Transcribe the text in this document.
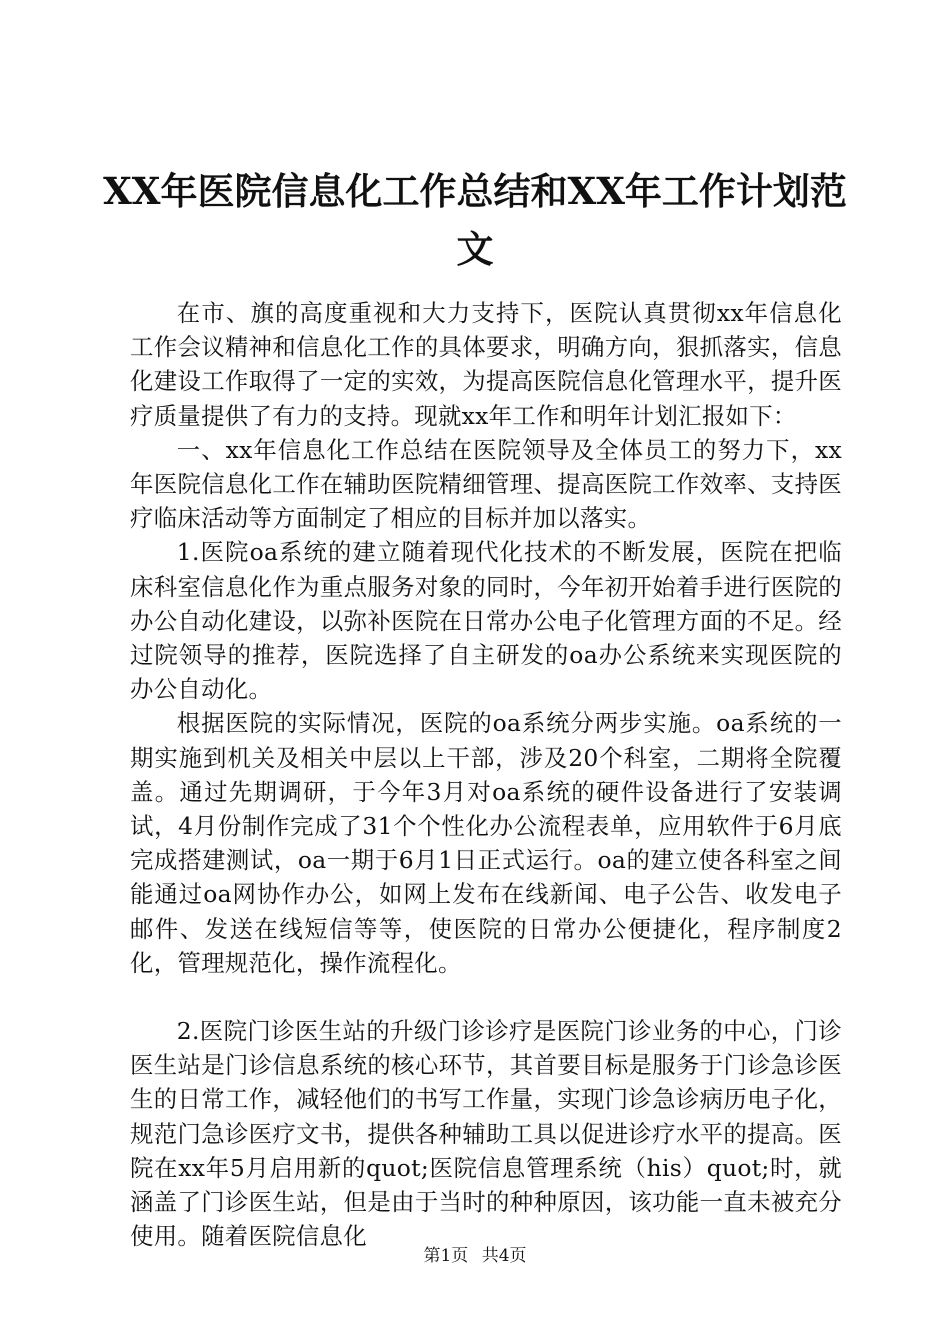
XX年医院信息化工作总结和XX年工作计划范文

在市、旗的高度重视和大力支持下，医院认真贯彻xx年信息化工作会议精神和信息化工作的具体要求，明确方向，狠抓落实，信息化建设工作取得了一定的实效，为提高医院信息化管理水平，提升医疗质量提供了有力的支持。现就xx年工作和明年计划汇报如下：

一、xx年信息化工作总结在医院领导及全体员工的努力下，xx年医院信息化工作在辅助医院精细管理、提高医院工作效率、支持医疗临床活动等方面制定了相应的目标并加以落实。

1.医院oa系统的建立随着现代化技术的不断发展，医院在把临床科室信息化作为重点服务对象的同时，今年初开始着手进行医院的办公自动化建设，以弥补医院在日常办公电子化管理方面的不足。经过院领导的推荐，医院选择了自主研发的oa办公系统来实现医院的办公自动化。

根据医院的实际情况，医院的oa系统分两步实施。oa系统的一期实施到机关及相关中层以上干部，涉及20个科室，二期将全院覆盖。通过先期调研，于今年3月对oa系统的硬件设备进行了安装调试，4月份制作完成了31个个性化办公流程表单，应用软件于6月底完成搭建测试，oa一期于6月1日正式运行。oa的建立使各科室之间能通过oa网协作办公，如网上发布在线新闻、电子公告、收发电子邮件、发送在线短信等等，使医院的日常办公便捷化，程序制度2化，管理规范化，操作流程化。

2.医院门诊医生站的升级门诊诊疗是医院门诊业务的中心，门诊医生站是门诊信息系统的核心环节，其首要目标是服务于门诊急诊医生的日常工作，减轻他们的书写工作量，实现门诊急诊病历电子化，规范门急诊医疗文书，提供各种辅助工具以促进诊疗水平的提高。医院在xx年5月启用新的quot;医院信息管理系统（his）quot;时，就涵盖了门诊医生站，但是由于当时的种种原因，该功能一直未被充分使用。随着医院信息化

第1页 共4页
